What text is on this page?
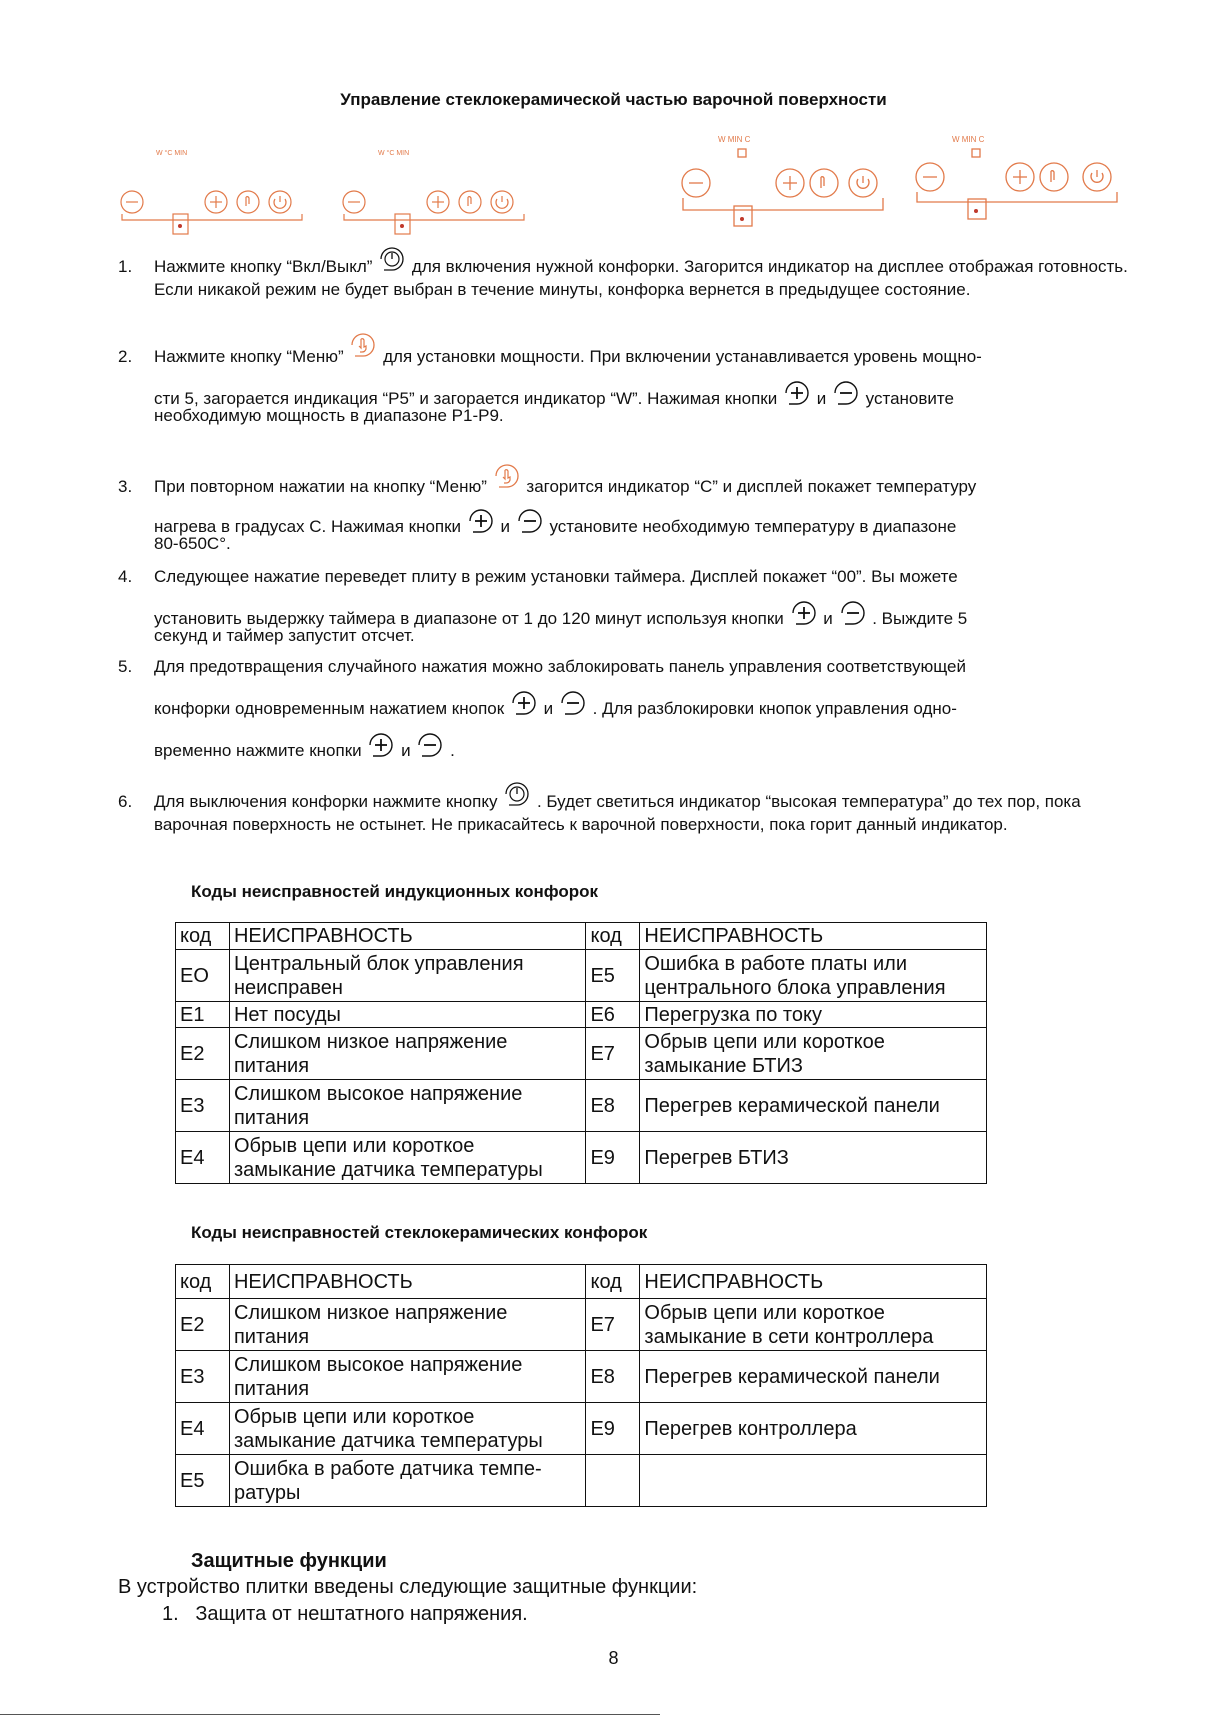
Управление стеклокерамической частью варочной поверхности
W °C MIN	W °C MIN
W MIN C	W MIN C
1. Нажмите кнопку “Вкл/Выкл” для включения нужной конфорки. Загорится индикатор на дисплее отображая готовность. Если никакой режим не будет выбран в течение минуты, конфорка вернется в предыдущее состояние.
2. Нажмите кнопку “Меню” для установки мощности. При включении устанавливается уровень мощно-
сти 5, загорается индикация “P5” и загорается индикатор “W”. Нажимая кнопки и установите
необходимую мощность в диапазоне P1-P9.
3. При повторном нажатии на кнопку “Меню” загорится индикатор “C” и дисплей покажет температуру
нагрева в градусах С. Нажимая кнопки и установите необходимую температуру в диапазоне
80-650C°.
4. Следующее нажатие переведет плиту в режим установки таймера. Дисплей покажет “00”. Вы можете
установить выдержку таймера в диапазоне от 1 до 120 минут используя кнопки и . Выждите 5
секунд и таймер запустит отсчет.
5. Для предотвращения случайного нажатия можно заблокировать панель управления соответствующей
конфорки одновременным нажатием кнопок и . Для разблокировки кнопок управления одно-
временно нажмите кнопки и .
6. Для выключения конфорки нажмите кнопку . Будет светиться индикатор “высокая температура” до тех пор, пока варочная поверхность не остынет. Не прикасайтесь к варочной поверхности, пока горит данный индикатор.
Коды неисправностей индукционных конфорок
код	НЕИСПРАВНОСТЬ	код	НЕИСПРАВНОСТЬ
EO	Центральный блок управления неисправен	E5	Ошибка в работе платы или центрального блока управления
E1	Нет посуды	E6	Перегрузка по току
E2	Слишком низкое напряжение питания	E7	Обрыв цепи или короткое замыкание БТИЗ
E3	Слишком высокое напряжение питания	E8	Перегрев керамической панели
E4	Обрыв цепи или короткое замыкание датчика температуры	E9	Перегрев БТИЗ
Коды неисправностей стеклокерамических конфорок
код	НЕИСПРАВНОСТЬ	код	НЕИСПРАВНОСТЬ
E2	Слишком низкое напряжение питания	E7	Обрыв цепи или короткое замыкание в сети контроллера
E3	Слишком высокое напряжение питания	E8	Перегрев керамической панели
E4	Обрыв цепи или короткое замыкание датчика температуры	E9	Перегрев контроллера
E5	Ошибка в работе датчика темпе-ратуры		
Защитные функции
В устройство плитки введены следующие защитные функции:
1.   Защита от нештатного напряжения.
8
